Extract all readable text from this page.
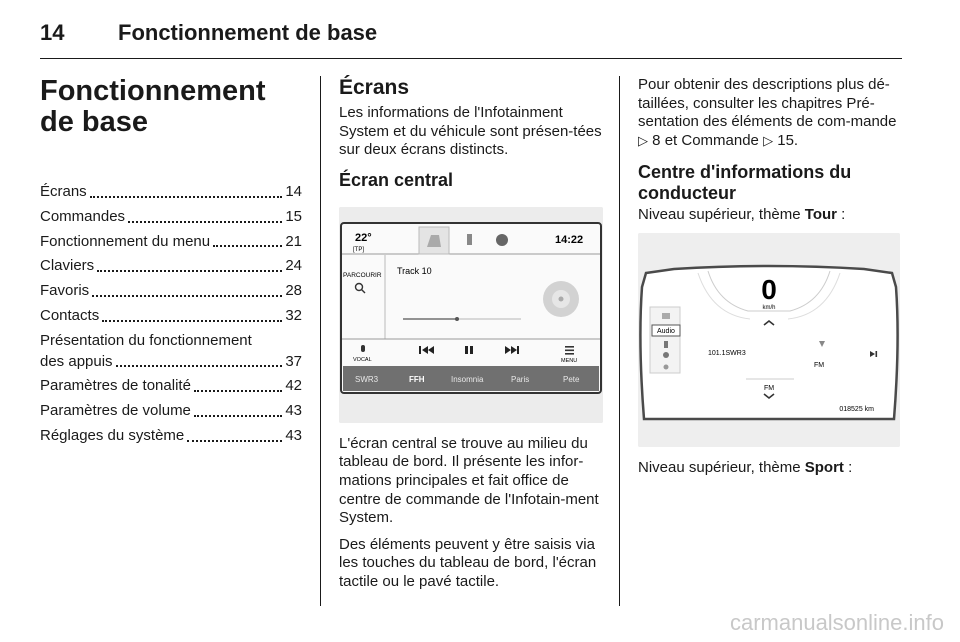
14 Fonctionnement de base
Fonctionnement de base
Écrans	14
Commandes	15
Fonctionnement du menu	21
Claviers	24
Favoris	28
Contacts	32
Présentation du fonctionnement
des appuis	37
Paramètres de tonalité	42
Paramètres de volume	43
Réglages du système	43
Écrans

Les informations de l'Infotainment System et du véhicule sont présen-tées sur deux écrans distincts.

Écran central
22°
[TP]
14:22
PARCOURIR Track 10
VOCAL	MENU
SWR3	FFH	Insomnia	Paris	Pete

L'écran central se trouve au milieu du tableau de bord. Il présente les infor-mations principales et fait office de centre de commande de l'Infotain-ment System.

Des éléments peuvent y être saisis via les touches du tableau de bord, l'écran tactile ou le pavé tactile.

Pour obtenir des descriptions plus dé-taillées, consulter les chapitres Pré-sentation des éléments de com-mande ▷ 8 et Commande ▷ 15.

Centre d'informations du conducteur

Niveau supérieur, thème Tour :

0
km/h
Audio
101.1SWR3
FM
FM
018525 km

Niveau supérieur, thème Sport :

carmanualsonline.info
